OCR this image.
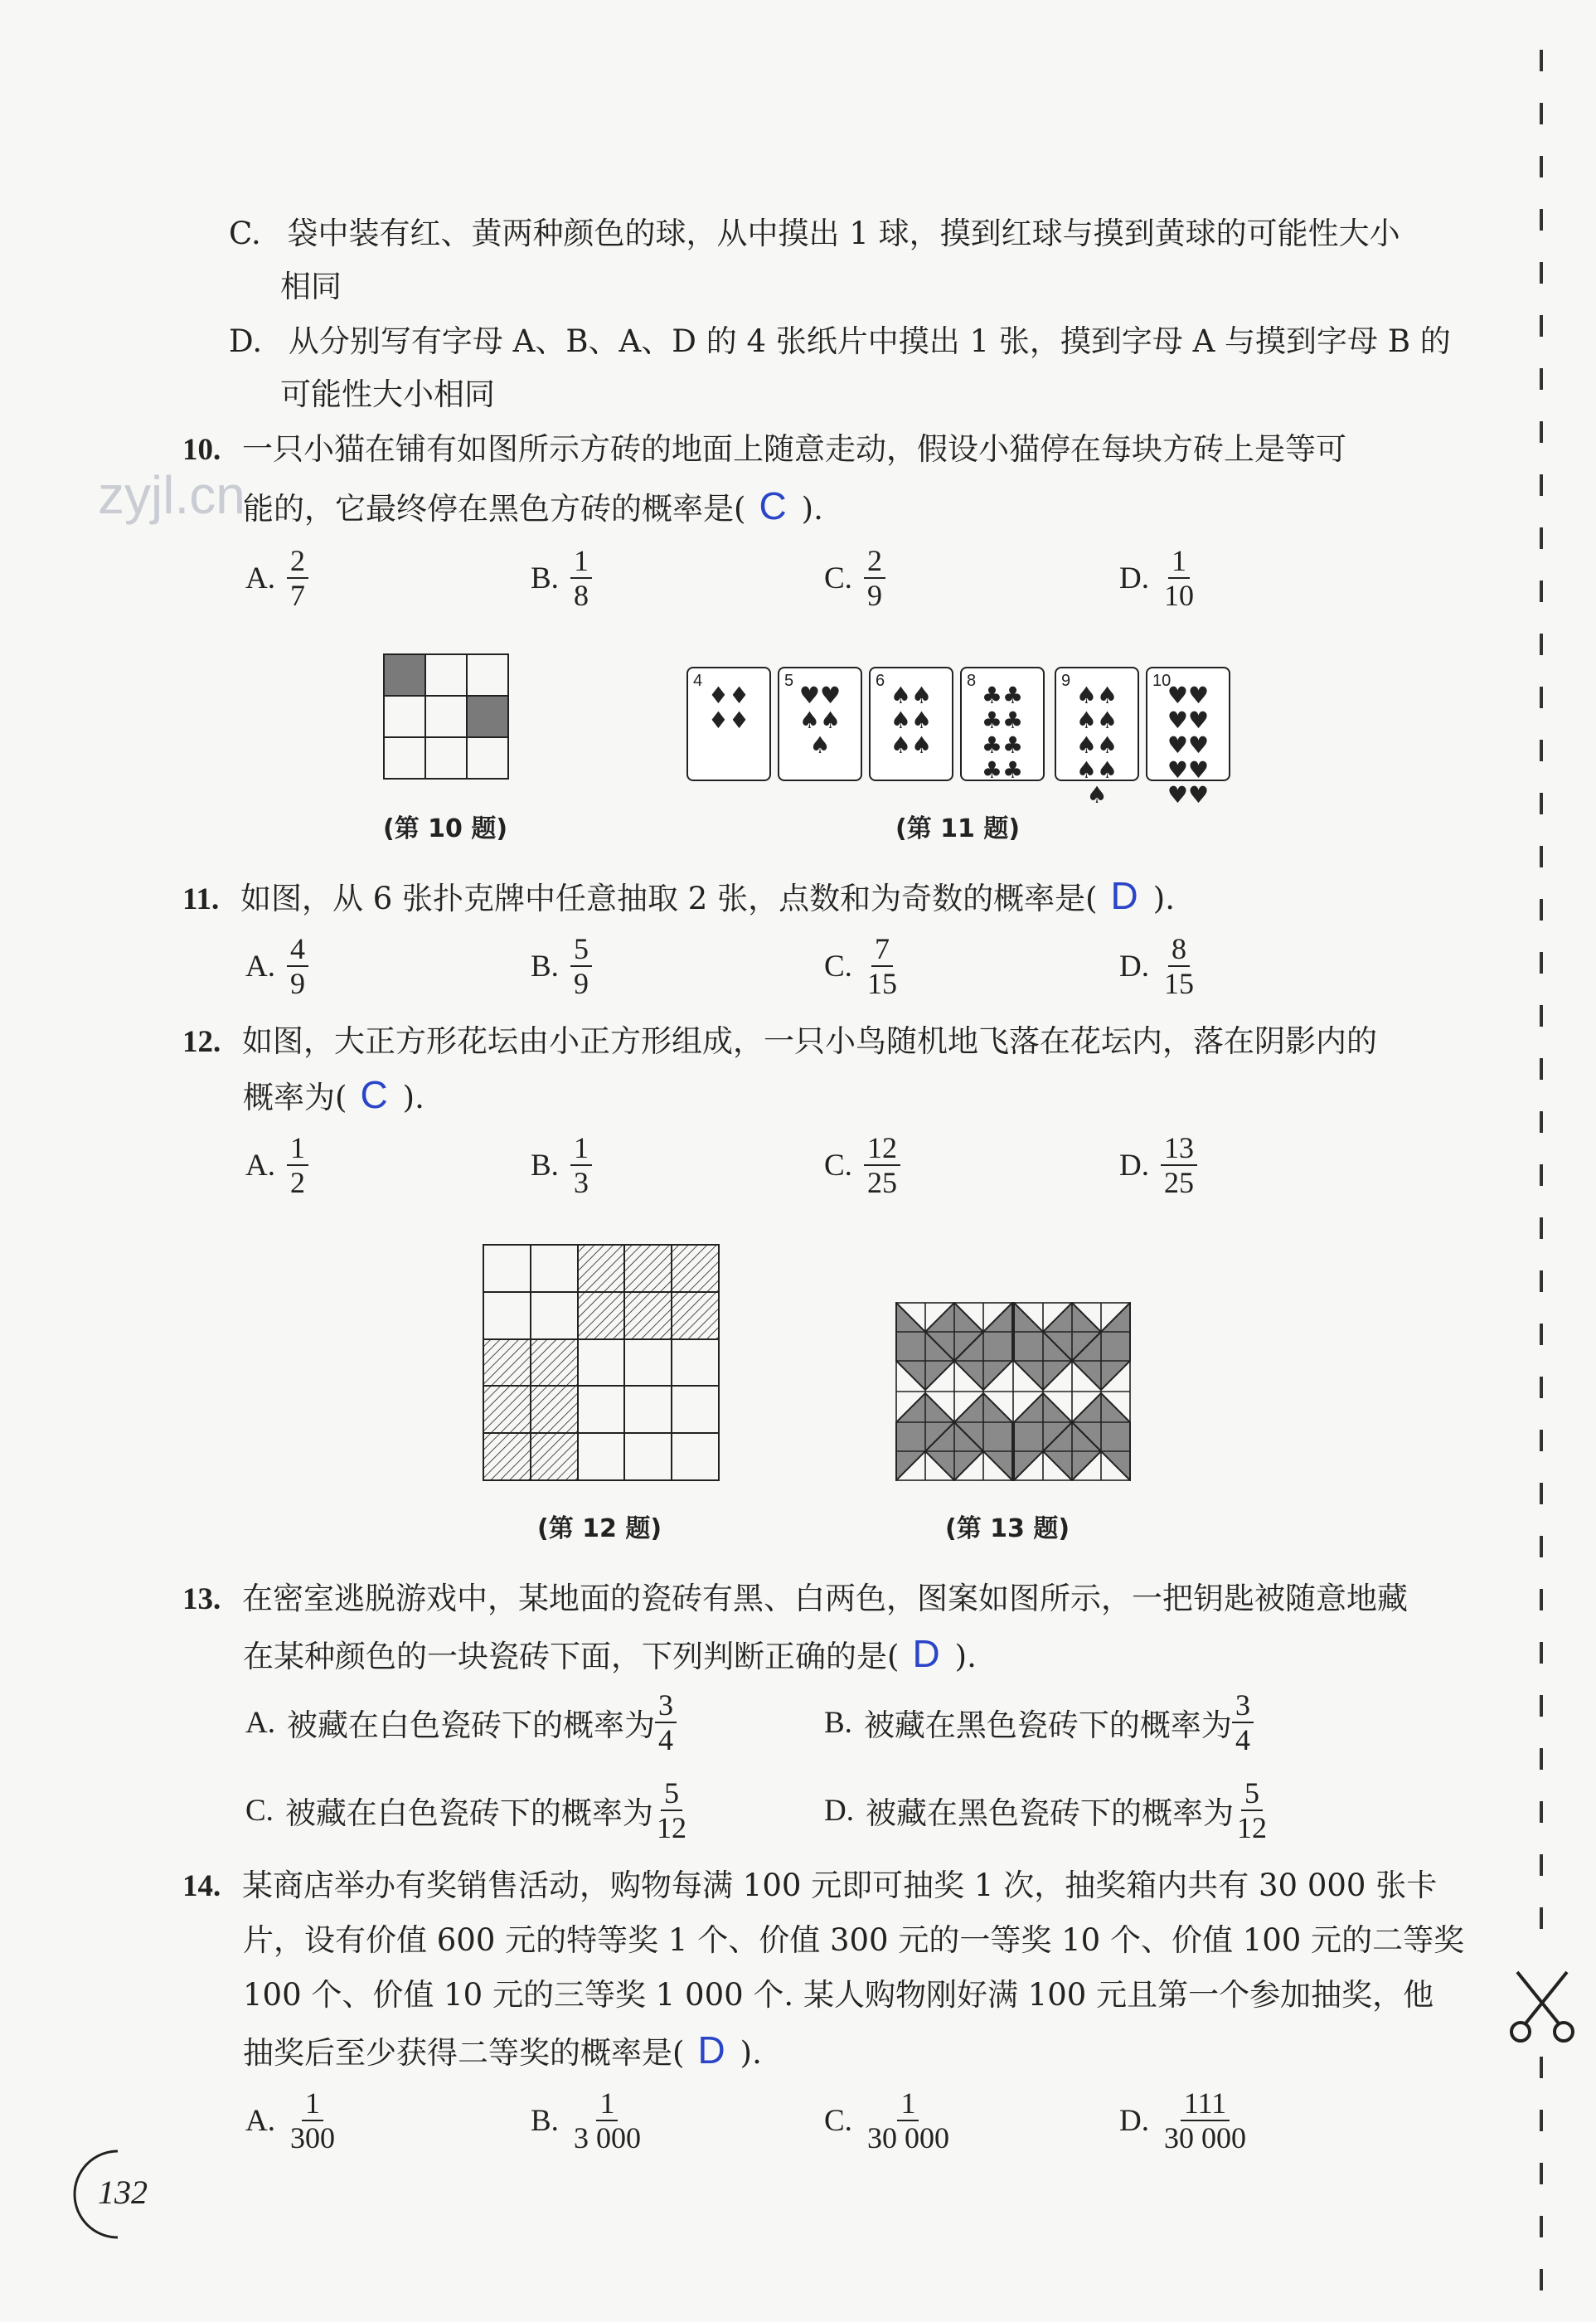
zyjl.cn
C. 袋中装有红、黄两种颜色的球，从中摸出 1 球，摸到红球与摸到黄球的可能性大小
相同
D. 从分别写有字母 A、B、A、D 的 4 张纸片中摸出 1 张，摸到字母 A 与摸到字母 B 的
可能性大小相同
10. 一只小猫在铺有如图所示方砖的地面上随意走动，假设小猫停在每块方砖上是等可
能的，它最终停在黑色方砖的概率是( C ).
A. $\frac{2}{7}$	B. $\frac{1}{8}$	C. $\frac{2}{9}$	D. $\frac{1}{10}$
(第 10 题)
4
♦♦♦♦
5
♥♥♠♠♠
6
♠♠♠♠♠♠
8
♣♣♣♣♣♣♣♣
9
♠♠♠♠♠♠♠♠♠
10
♥♥♥♥♥♥♥♥♥♥
(第 11 题)
11. 如图，从 6 张扑克牌中任意抽取 2 张，点数和为奇数的概率是( D ).
A. $\frac{4}{9}$	B. $\frac{5}{9}$	C. $\frac{7}{15}$	D. $\frac{8}{15}$
12. 如图，大正方形花坛由小正方形组成，一只小鸟随机地飞落在花坛内，落在阴影内的
概率为( C ).
A. $\frac{1}{2}$	B. $\frac{1}{3}$	C. $\frac{12}{25}$	D. $\frac{13}{25}$
(第 12 题)	(第 13 题)
13. 在密室逃脱游戏中，某地面的瓷砖有黑、白两色，图案如图所示，一把钥匙被随意地藏
在某种颜色的一块瓷砖下面，下列判断正确的是( D ).
A. 被藏在白色瓷砖下的概率为 $\frac{3}{4}$	B. 被藏在黑色瓷砖下的概率为 $\frac{3}{4}$
C. 被藏在白色瓷砖下的概率为 $\frac{5}{12}$	D. 被藏在黑色瓷砖下的概率为 $\frac{5}{12}$
14. 某商店举办有奖销售活动，购物每满 100 元即可抽奖 1 次，抽奖箱内共有 30 000 张卡
片，设有价值 600 元的特等奖 1 个、价值 300 元的一等奖 10 个、价值 100 元的二等奖
100 个、价值 10 元的三等奖 1 000 个. 某人购物刚好满 100 元且第一个参加抽奖，他
抽奖后至少获得二等奖的概率是( D ).
A. $\frac{1}{300}$	B. $\frac{1}{3 000}$	C. $\frac{1}{30 000}$	D. $\frac{111}{30 000}$
132
